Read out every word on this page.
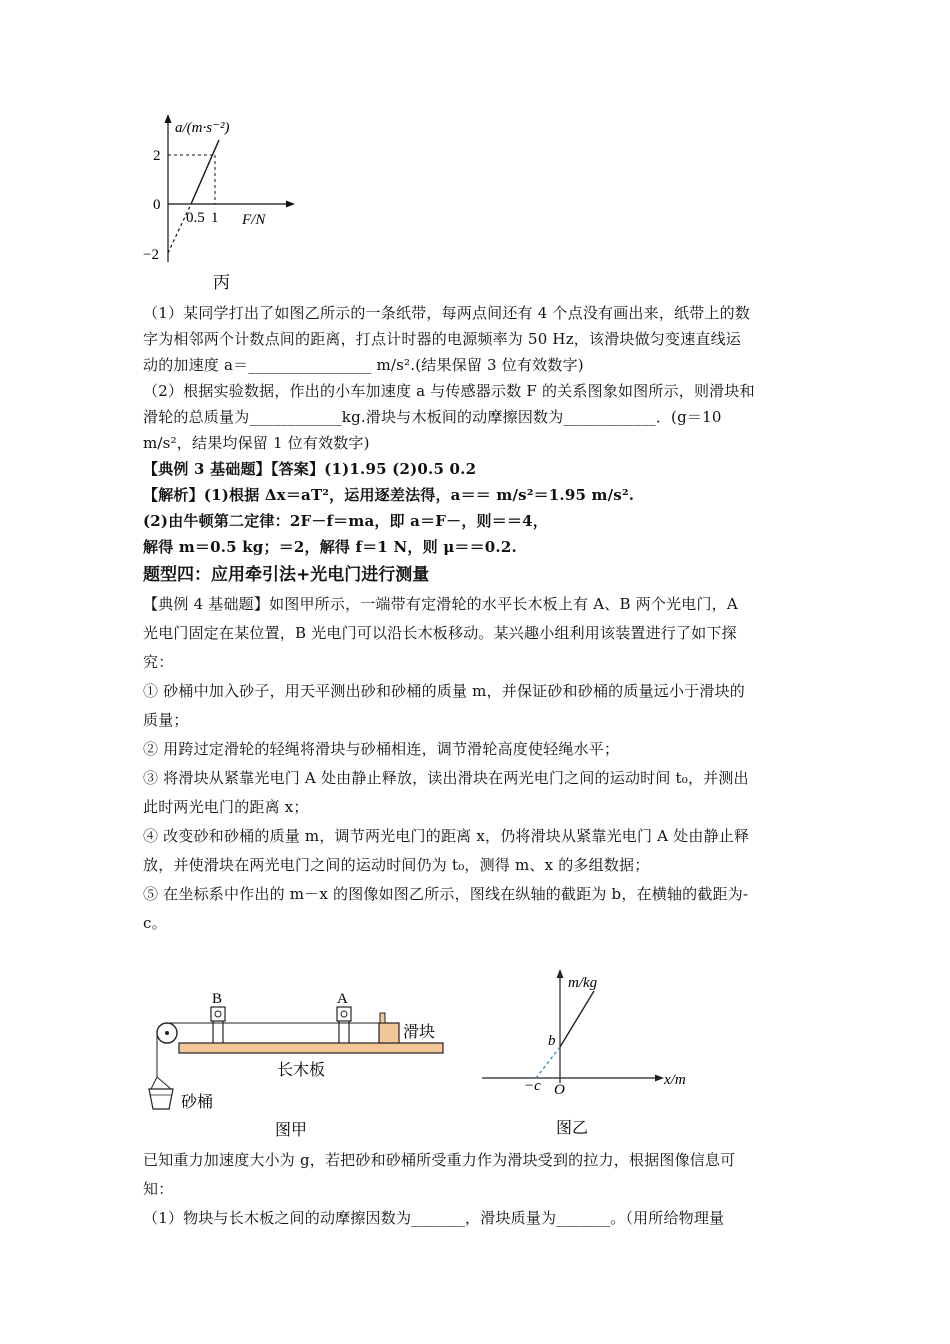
a/(m·s⁻²)
2
0
−2
0.5 1 F/N
丙
（1）某同学打出了如图乙所示的一条纸带，每两点间还有 4 个点没有画出来，纸带上的数
字为相邻两个计数点间的距离，打点计时器的电源频率为 50 Hz，该滑块做匀变速直线运
动的加速度 a＝________________ m/s².(结果保留 3 位有效数字)
（2）根据实验数据，作出的小车加速度 a 与传感器示数 F 的关系图象如图所示，则滑块和
滑轮的总质量为____________kg.滑块与木板间的动摩擦因数为____________．(g＝10
m/s²，结果均保留 1 位有效数字)
【典例 3 基础题】【答案】(1)1.95 (2)0.5 0.2
【解析】(1)根据 Δx＝aT²，运用逐差法得，a＝＝ m/s²＝1.95 m/s².
(2)由牛顿第二定律：2F－f＝ma，即 a＝F－，则＝＝4，
解得 m＝0.5 kg；＝2，解得 f＝1 N，则 μ＝＝0.2.
题型四：应用牵引法+光电门进行测量
【典例 4 基础题】如图甲所示，一端带有定滑轮的水平长木板上有 A、B 两个光电门，A
光电门固定在某位置，B 光电门可以沿长木板移动。某兴趣小组利用该装置进行了如下探
究：
① 砂桶中加入砂子，用天平测出砂和砂桶的质量 m，并保证砂和砂桶的质量远小于滑块的
质量；
② 用跨过定滑轮的轻绳将滑块与砂桶相连，调节滑轮高度使轻绳水平；
③ 将滑块从紧靠光电门 A 处由静止释放，读出滑块在两光电门之间的运动时间 t₀，并测出
此时两光电门的距离 x；
④ 改变砂和砂桶的质量 m，调节两光电门的距离 x，仍将滑块从紧靠光电门 A 处由静止释
放，并使滑块在两光电门之间的运动时间仍为 t₀，测得 m、x 的多组数据；
⑤ 在坐标系中作出的 m－x 的图像如图乙所示，图线在纵轴的截距为 b，在横轴的截距为-
c。
B	A
滑块
长木板
砂桶
图甲
m/kg
x/m
b
−c O
图乙
已知重力加速度大小为 g，若把砂和砂桶所受重力作为滑块受到的拉力，根据图像信息可
知：
（1）物块与长木板之间的动摩擦因数为_______，滑块质量为_______。（用所给物理量
